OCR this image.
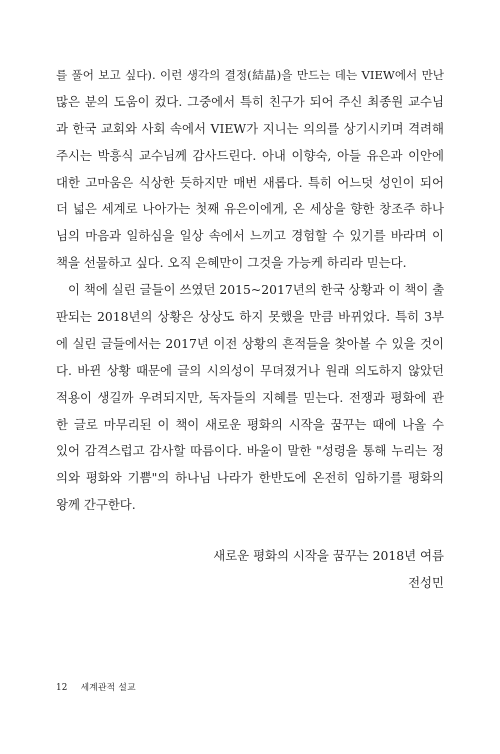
를 풀어 보고 싶다). 이런 생각의 결정(結晶)을 만드는 데는 VIEW에서 만난
많은 분의 도움이 컸다. 그중에서 특히 친구가 되어 주신 최종원 교수님
과 한국 교회와 사회 속에서 VIEW가 지니는 의의를 상기시키며 격려해
주시는 박흥식 교수님께 감사드린다. 아내 이향숙, 아들 유은과 이안에
대한 고마움은 식상한 듯하지만 매번 새롭다. 특히 어느덧 성인이 되어
더 넓은 세계로 나아가는 첫째 유은이에게, 온 세상을 향한 창조주 하나
님의 마음과 일하심을 일상 속에서 느끼고 경험할 수 있기를 바라며 이
책을 선물하고 싶다. 오직 은혜만이 그것을 가능케 하리라 믿는다.
이 책에 실린 글들이 쓰였던 2015~2017년의 한국 상황과 이 책이 출
판되는 2018년의 상황은 상상도 하지 못했을 만큼 바뀌었다. 특히 3부
에 실린 글들에서는 2017년 이전 상황의 흔적들을 찾아볼 수 있을 것이
다. 바뀐 상황 때문에 글의 시의성이 무뎌졌거나 원래 의도하지 않았던
적용이 생길까 우려되지만, 독자들의 지혜를 믿는다. 전쟁과 평화에 관
한 글로 마무리된 이 책이 새로운 평화의 시작을 꿈꾸는 때에 나올 수
있어 감격스럽고 감사할 따름이다. 바울이 말한 "성령을 통해 누리는 정
의와 평화와 기쁨"의 하나님 나라가 한반도에 온전히 임하기를 평화의
왕께 간구한다.
새로운 평화의 시작을 꿈꾸는 2018년 여름
전성민
12 세계관적 설교
